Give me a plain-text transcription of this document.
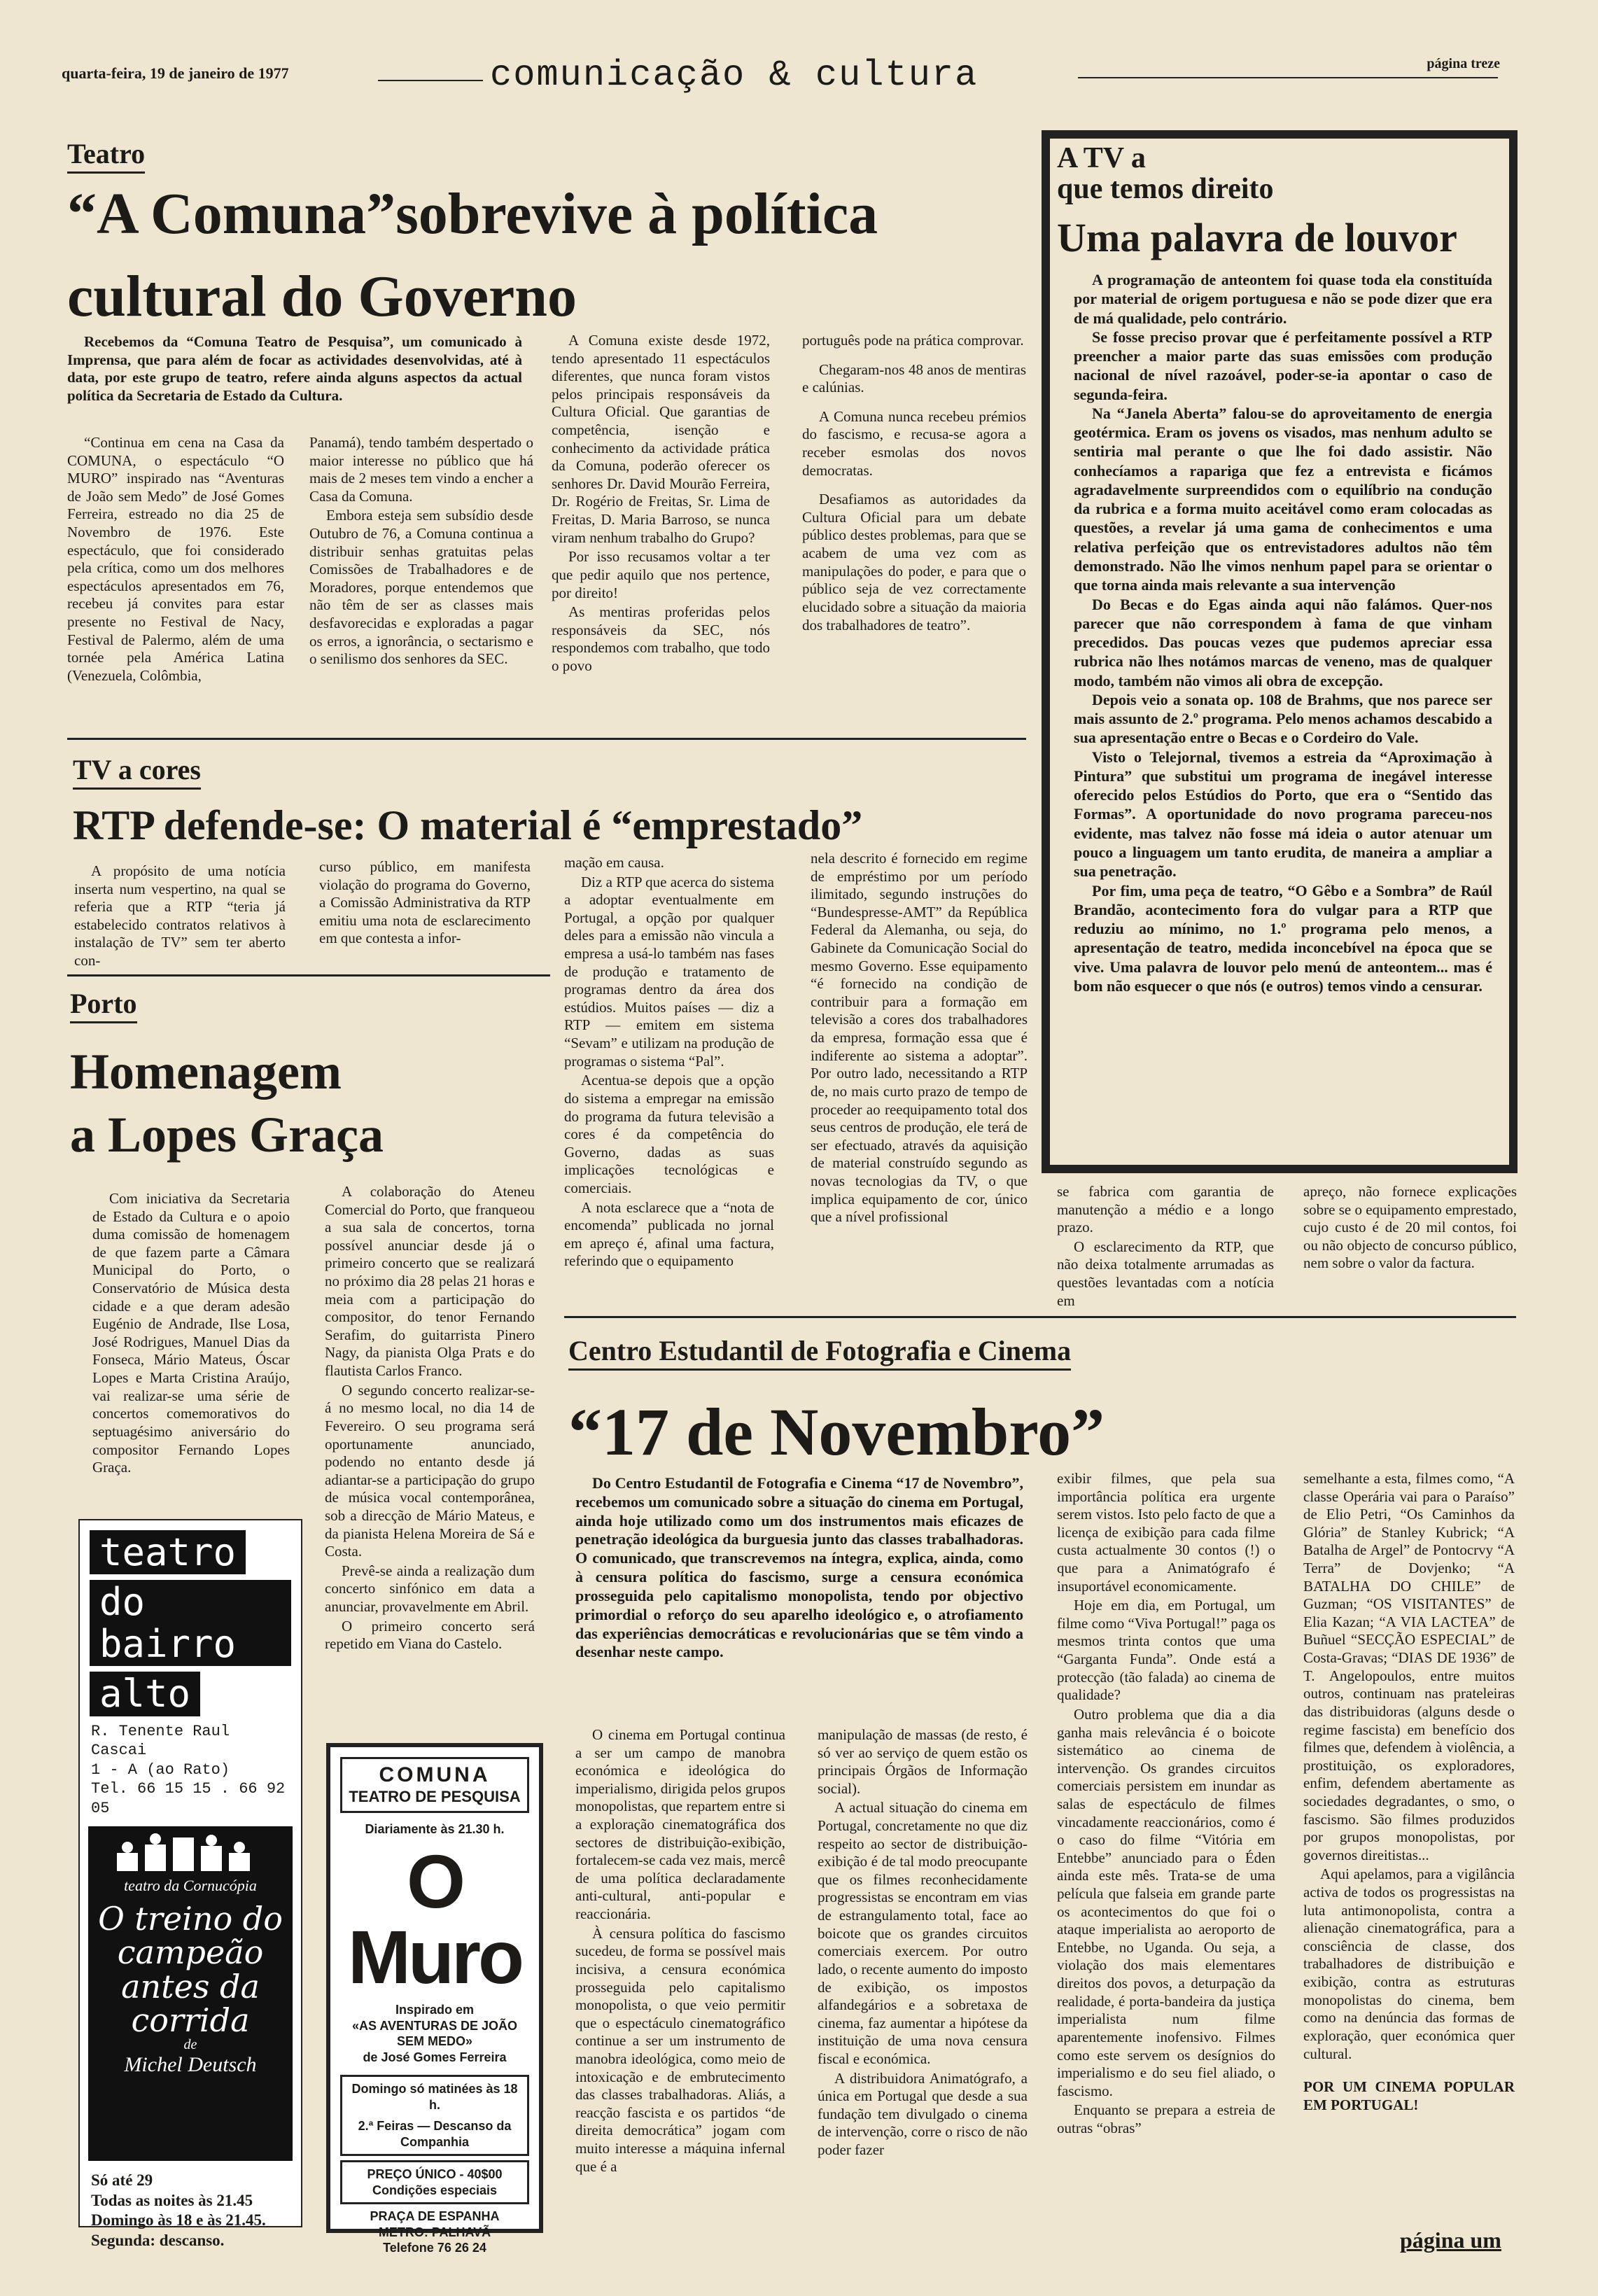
quarta-feira, 19 de janeiro de 1977	comunicação & cultura	página treze
Teatro
“A Comuna”sobrevive à política
cultural do Governo

Recebemos da “Comuna Teatro de Pesquisa”, um comunicado à Imprensa, que para além de focar as actividades desenvolvidas, até à data, por este grupo de teatro, refere ainda alguns aspectos da actual política da Secretaria de Estado da Cultura.

“Continua em cena na Casa da COMUNA, o espectáculo “O MURO” inspirado nas “Aventuras de João sem Medo” de José Gomes Ferreira, estreado no dia 25 de Novembro de 1976. Este espectáculo, que foi considerado pela crítica, como um dos melhores espectáculos apresentados em 76, recebeu já convites para estar presente no Festival de Nacy, Festival de Palermo, além de uma tornée pela América Latina (Venezuela, Colômbia,

Panamá), tendo também despertado o maior interesse no público que há mais de 2 meses tem vindo a encher a Casa da Comuna.

Embora esteja sem subsídio desde Outubro de 76, a Comuna continua a distribuir senhas gratuitas pelas Comissões de Trabalhadores e de Moradores, porque entendemos que não têm de ser as classes mais desfavorecidas e exploradas a pagar os erros, a ignorância, o sectarismo e o senilismo dos senhores da SEC.

A Comuna existe desde 1972, tendo apresentado 11 espectáculos diferentes, que nunca foram vistos pelos principais responsáveis da Cultura Oficial. Que garantias de competência, isenção e conhecimento da actividade prática da Comuna, poderão oferecer os senhores Dr. David Mourão Ferreira, Dr. Rogério de Freitas, Sr. Lima de Freitas, D. Maria Barroso, se nunca viram nenhum trabalho do Grupo?

Por isso recusamos voltar a ter que pedir aquilo que nos pertence, por direito!

As mentiras proferidas pelos responsáveis da SEC, nós respondemos com trabalho, que todo o povo

português pode na prática comprovar.

Chegaram-nos 48 anos de mentiras e calúnias.

A Comuna nunca recebeu prémios do fascismo, e recusa-se agora a receber esmolas dos novos democratas.

Desafiamos as autoridades da Cultura Oficial para um debate público destes problemas, para que se acabem de uma vez com as manipulações do poder, e para que o público seja de vez correctamente elucidado sobre a situação da maioria dos trabalhadores de teatro”.

A TV a
que temos direito
Uma palavra de louvor

A programação de anteontem foi quase toda ela constituída por material de origem portuguesa e não se pode dizer que era de má qualidade, pelo contrário.

Se fosse preciso provar que é perfeitamente possível a RTP preencher a maior parte das suas emissões com produção nacional de nível razoável, poder-se-ia apontar o caso de segunda-feira.

Na “Janela Aberta” falou-se do aproveitamento de energia geotérmica. Eram os jovens os visados, mas nenhum adulto se sentiria mal perante o que lhe foi dado assistir. Não conhecíamos a rapariga que fez a entrevista e ficámos agradavelmente surpreendidos com o equilíbrio na condução da rubrica e a forma muito aceitável como eram colocadas as questões, a revelar já uma gama de conhecimentos e uma relativa perfeição que os entrevistadores adultos não têm demonstrado. Não lhe vimos nenhum papel para se orientar o que torna ainda mais relevante a sua intervenção

Do Becas e do Egas ainda aqui não falámos. Quer-nos parecer que não correspondem à fama de que vinham precedidos. Das poucas vezes que pudemos apreciar essa rubrica não lhes notámos marcas de veneno, mas de qualquer modo, também não vimos ali obra de excepção.

Depois veio a sonata op. 108 de Brahms, que nos parece ser mais assunto de 2.º programa. Pelo menos achamos descabido a sua apresentação entre o Becas e o Cordeiro do Vale.

Visto o Telejornal, tivemos a estreia da “Aproximação à Pintura” que substitui um programa de inegável interesse oferecido pelos Estúdios do Porto, que era o “Sentido das Formas”. A oportunidade do novo programa pareceu-nos evidente, mas talvez não fosse má ideia o autor atenuar um pouco a linguagem um tanto erudita, de maneira a ampliar a sua penetração.

Por fim, uma peça de teatro, “O Gêbo e a Sombra” de Raúl Brandão, acontecimento fora do vulgar para a RTP que reduziu ao mínimo, no 1.º programa pelo menos, a apresentação de teatro, medida inconcebível na época que se vive. Uma palavra de louvor pelo menú de anteontem... mas é bom não esquecer o que nós (e outros) temos vindo a censurar.

TV a cores
RTP defende-se: O material é “emprestado”

A propósito de uma notícia inserta num vespertino, na qual se referia que a RTP “teria já estabelecido contratos relativos à instalação de TV” sem ter aberto con-

curso público, em manifesta violação do programa do Governo, a Comissão Administrativa da RTP emitiu uma nota de esclarecimento em que contesta a infor-

mação em causa.

Diz a RTP que acerca do sistema a adoptar eventualmente em Portugal, a opção por qualquer deles para a emissão não vincula a empresa a usá-lo também nas fases de produção e tratamento de programas dentro da área dos estúdios. Muitos países — diz a RTP — emitem em sistema “Sevam” e utilizam na produção de programas o sistema “Pal”.

Acentua-se depois que a opção do sistema a empregar na emissão do programa da futura televisão a cores é da competência do Governo, dadas as suas implicações tecnológicas e comerciais.

A nota esclarece que a “nota de encomenda” publicada no jornal em apreço é, afinal uma factura, referindo que o equipamento

nela descrito é fornecido em regime de empréstimo por um período ilimitado, segundo instruções do “Bundespresse-AMT” da República Federal da Alemanha, ou seja, do Gabinete da Comunicação Social do mesmo Governo. Esse equipamento “é fornecido na condição de contribuir para a formação em televisão a cores dos trabalhadores da empresa, formação essa que é indiferente ao sistema a adoptar”. Por outro lado, necessitando a RTP de, no mais curto prazo de tempo de proceder ao reequipamento total dos seus centros de produção, ele terá de ser efectuado, através da aquisição de material construído segundo as novas tecnologias da TV, o que implica equipamento de cor, único que a nível profissional

se fabrica com garantia de manutenção a médio e a longo prazo.

O esclarecimento da RTP, que não deixa totalmente arrumadas as questões levantadas com a notícia em

apreço, não fornece explicações sobre se o equipamento emprestado, cujo custo é de 20 mil contos, foi ou não objecto de concurso público, nem sobre o valor da factura.

Porto
Homenagem
a Lopes Graça

Com iniciativa da Secretaria de Estado da Cultura e o apoio duma comissão de homenagem de que fazem parte a Câmara Municipal do Porto, o Conservatório de Música desta cidade e a que deram adesão Eugénio de Andrade, Ilse Losa, José Rodrigues, Manuel Dias da Fonseca, Mário Mateus, Óscar Lopes e Marta Cristina Araújo, vai realizar-se uma série de concertos comemorativos do septuagésimo aniversário do compositor Fernando Lopes Graça.

A colaboração do Ateneu Comercial do Porto, que franqueou a sua sala de concertos, torna possível anunciar desde já o primeiro concerto que se realizará no próximo dia 28 pelas 21 horas e meia com a participação do compositor, do tenor Fernando Serafim, do guitarrista Pinero Nagy, da pianista Olga Prats e do flautista Carlos Franco.

O segundo concerto realizar-se-á no mesmo local, no dia 14 de Fevereiro. O seu programa será oportunamente anunciado, podendo no entanto desde já adiantar-se a participação do grupo de música vocal contemporânea, sob a direcção de Mário Mateus, e da pianista Helena Moreira de Sá e Costa.

Prevê-se ainda a realização dum concerto sinfónico em data a anunciar, provavelmente em Abril.

O primeiro concerto será repetido em Viana do Castelo.

Centro Estudantil de Fotografia e Cinema
“17 de Novembro”

Do Centro Estudantil de Fotografia e Cinema “17 de Novembro”, recebemos um comunicado sobre a situação do cinema em Portugal, ainda hoje utilizado como um dos instrumentos mais eficazes de penetração ideológica da burguesia junto das classes trabalhadoras. O comunicado, que transcrevemos na íntegra, explica, ainda, como à censura política do fascismo, surge a censura económica prosseguida pelo capitalismo monopolista, tendo por objectivo primordial o reforço do seu aparelho ideológico e, o atrofiamento das experiências democráticas e revolucionárias que se têm vindo a desenhar neste campo.

O cinema em Portugal continua a ser um campo de manobra económica e ideológica do imperialismo, dirigida pelos grupos monopolistas, que repartem entre si a exploração cinematográfica dos sectores de distribuição-exibição, fortalecem-se cada vez mais, mercê de uma política declaradamente anti-cultural, anti-popular e reaccionária.

À censura política do fascismo sucedeu, de forma se possível mais incisiva, a censura económica prosseguida pelo capitalismo monopolista, o que veio permitir que o espectáculo cinematográfico continue a ser um instrumento de manobra ideológica, como meio de intoxicação e de embrutecimento das classes trabalhadoras. Aliás, a reacção fascista e os partidos “de direita democrática” jogam com muito interesse a máquina infernal que é a

manipulação de massas (de resto, é só ver ao serviço de quem estão os principais Órgãos de Informação social).

A actual situação do cinema em Portugal, concretamente no que diz respeito ao sector de distribuição-exibição é de tal modo preocupante que os filmes reconhecidamente progressistas se encontram em vias de estrangulamento total, face ao boicote que os grandes circuitos comerciais exercem. Por outro lado, o recente aumento do imposto de exibição, os impostos alfandegários e a sobretaxa de cinema, faz aumentar a hipótese da instituição de uma nova censura fiscal e económica.

A distribuidora Animatógrafo, a única em Portugal que desde a sua fundação tem divulgado o cinema de intervenção, corre o risco de não poder fazer

exibir filmes, que pela sua importância política era urgente serem vistos. Isto pelo facto de que a licença de exibição para cada filme custa actualmente 30 contos (!) o que para a Animatógrafo é insuportável economicamente.

Hoje em dia, em Portugal, um filme como “Viva Portugal!” paga os mesmos trinta contos que uma “Garganta Funda”. Onde está a protecção (tão falada) ao cinema de qualidade?

Outro problema que dia a dia ganha mais relevância é o boicote sistemático ao cinema de intervenção. Os grandes circuitos comerciais persistem em inundar as salas de espectáculo de filmes vincadamente reaccionários, como é o caso do filme “Vitória em Entebbe” anunciado para o Éden ainda este mês. Trata-se de uma película que falseia em grande parte os acontecimentos do que foi o ataque imperialista ao aeroporto de Entebbe, no Uganda. Ou seja, a violação dos mais elementares direitos dos povos, a deturpação da realidade, é porta-bandeira da justiça imperialista num filme aparentemente inofensivo. Filmes como este servem os desígnios do imperialismo e do seu fiel aliado, o fascismo.

Enquanto se prepara a estreia de outras “obras”

semelhante a esta, filmes como, “A classe Operária vai para o Paraíso” de Elio Petri, “Os Caminhos da Glória” de Stanley Kubrick; “A Batalha de Argel” de Pontocrvy “A Terra” de Dovjenko; “A BATALHA DO CHILE” de Guzman; “OS VISITANTES” de Elia Kazan; “A VIA LACTEA” de Buñuel “SECÇÃO ESPECIAL” de Costa-Gravas; “DIAS DE 1936” de T. Angelopoulos, entre muitos outros, continuam nas prateleiras das distribuidoras (alguns desde o regime fascista) em benefício dos filmes que, defendem à violência, a prostituição, os exploradores, enfim, defendem abertamente as sociedades degradantes, o smo, o fascismo. São filmes produzidos por grupos monopolistas, por governos direitistas...

Aqui apelamos, para a vigilância activa de todos os progressistas na luta antimonopolista, contra a alienação cinematográfica, para a consciência de classe, dos trabalhadores de distribuição e exibição, contra as estruturas monopolistas do cinema, bem como na denúncia das formas de exploração, quer económica quer cultural.

POR UM CINEMA POPULAR EM PORTUGAL!

página um
teatro
do bairro
alto
R. Tenente Raul Cascai
1 - A (ao Rato)
Tel. 66 15 15 . 66 92 05
teatro da Cornucópia
O treino do campeão antes da corrida
de
Michel Deutsch
Só até 29
Todas as noites às 21.45
Domingo às 18 e às 21.45.
Segunda: descanso.
COMUNA
TEATRO DE PESQUISA
Diariamente às 21.30 h.
O Muro
Inspirado em
«AS AVENTURAS DE JOÃO SEM MEDO»
de José Gomes Ferreira
Domingo só matinées às 18 h.
2.ª Feiras — Descanso da Companhia
PREÇO ÚNICO - 40$00
Condições especiais
PRAÇA DE ESPANHA
METRO: PALHAVÃ
Telefone 76 26 24
